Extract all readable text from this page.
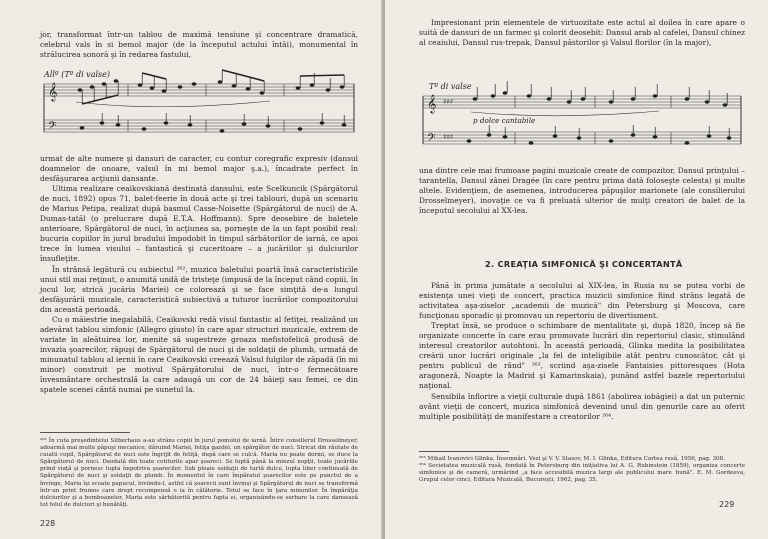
jor, transformat într-un tablou de maximă tensiune şi concentrare dramatică, celebrul vals în si bemol major (de la începutul actului întâi), monumental în strălucirea sonoră şi în redarea fastului,

Allº (Tº di valse)
𝄞
𝄢

urmat de alte numere şi dansuri de caracter, cu contur coregrafic expresiv (dansul doamnelor de onoare, valsul în mi bemol major ş.a.), încadrate perfect în desfăşurarea acţiunii dansante.

Ultima realizare ceaikovskiană destinată dansului, este Scelkuncik (Spărgătorul de nuci, 1892) opus 71, balet-feerie în două acte şi trei tablouri, după un scenariu de Marius Petipa, realizat după basmul Casse-Noisette (Spărgătorul de nuci) de A. Dumas-tatăl (o prelucrare după E.T.A. Hoffmann). Spre deosebire de baletele anterioare, Spărgătorul de nuci, în acţiunea sa, porneşte de la un fapt posibil real: bucuria copiilor în jurul bradului împodobit în timpul sărbătorilor de iarnă, ce apoi trece în lumea visului – fantastică şi cuceritoare – a jucăriilor şi dulciurilor însufleţite.

În strânsă legătură cu subiectul ²⁶², muzica baletului poartă însă caracteristicile unui stil mai reţinut, o anumită undă de tristeţe (impusă de la început când copiii, în jocul lor, strică jucăria Mariei) ce colorează şi se face simţită de-a lungul desfăşurării muzicale, caracteristică subiectivă a tuturor lucrărilor compozitorului din această perioadă.

Cu o măiestrie inegalabilă, Ceaikovski redă visul fantastic al fetiţei, realizând un adevărat tablou simfonic (Allegro giusto) în care apar structuri muzicale, extrem de variate în aleătuirea lor, menite să sugestreze groaza mefistofelică produsă de invazia şoarecilor, răpuşi de Spărgătorul de nuci şi de soldaţii de plumb, urmată de minunatul tablou al iernii în care Ceaikovski creează Valsul fulgilor de zăpadă (în mi minor) construit pe motivul Spărgătorului de nuci, într-o fermecătoare învesmântare orchestrală la care adaugă un cor de 24 băieţi sau femei, ce din spatele scenei cântă numai pe sunetul la.

²⁶² În cuta preşedintelui Silberhaus a-au strâns copiii în jurul pomului de iarnă. Între consilierul Drosselmeyer, adoarmă mai multe păpuşi mecanice, dăruind Mariei, fetiţa gazdei, un spărgător de nuci. Stricat din răutate de cuiatii copil, Spărgătorul de nuci este îngrijit de fetiţă, după care se culcă. Maria nu poate dormi, se duce la Spărgătorul de nuci. Deodată din toate cotiturile apar şoareci. Se luptă până la miezul nopţii, toate jucăriile prind viaţă şi pornesc lupta împotriva şoarecilor. Sub ploaie soldaţii de turtă dulce, lupta liber continuată de Spărgătorul de nuci şi soldaţii de plumb. În momentul în care împăratul şoarecilor este pe punctul de a învinge, Maria îşi scoate papucul, loviindu-l, astfel că şoarecii sunt învinşi şi Spărgătorul de nuci se transformă într-un print frumos care drept recompensă o ia în călătorie. Totul se face în ţara minunilor. În împărăţia dulciurilor şi a bomboanelor, Maria este sărbătorită pentru fapta ei, organizându-se serbare la care dansează tot felul de dulciuri şi bunătăţi.

228

Impresionant prin elementele de virtuozitate este actul al doilea în care apare o suită de dansuri de un farmec şi colorit deosebit: Dansul arab al cafelei, Dansul chinez al ceaiului, Dansul rus-trepak, Dansul păstorilor şi Valsul florilor (în la major),

Tº di valse
𝄞
𝄢
♯♯♯
♯♯♯
p dolce cantabile

una dintre cele mai frumoase pagini muzicale create de compozitor, Dansul prinţului – tarantella, Dansul zânei Dragée (în care pentru prima dată foloseşte celesta) şi multe altele. Evidenţiem, de asemenea, introducerea păpuşilor marionete (ale consilierului Drosselmeyer), inovaţie ce va fi preluată ulterior de mulţi creatori de balet de la începutul secolului al XX-lea.

2. CREAŢIA SIMFONICĂ ŞI CONCERTANTĂ

Până în prima jumătate a secolului al XIX-lea, în Rusia nu se putea vorbi de existenţa unei vieţi de concert, practica muzicii simfonice fiind strâns legată de activitatea aşa-ziselor „academii de muzică" din Petersburg şi Moscova, care funcţionau sporadic şi promovau un repertoriu de divertisment.

Treptat însă, se produce o schimbare de mentalitate şi, după 1820, încep să fie organizate concerte în care erau promovate lucrări din repertoriul clasic, stimulând interesul creatorilor autohtoni. În această perioadă, Glinka medita la posibilitatea creării unor lucrări originale „la fel de inteligibile atât pentru cunoscător, cât şi pentru publicul de rând" ²⁶³, scriind aşa-zisele Fantaisies pittoresques (Hota aragonezǎ, Noapte la Madrid şi Kamarinskaia), punând astfel bazele repertoriului naţional.

Sensibila înflorire a vieţii culturale după 1861 (abolirea iobăgiei) a dat un puternic avânt vieţii de concert, muzica simfonică devenind unul din genurile care au oferit multiple posibilităţi de manifestare a creatorilor ²⁶⁴.

²⁶³ Mihail Ivanovici Glinka, Însemnări. Vezi şi V. V. Stasov, M. I. Glinka, Editura Cartea rusă, 1956, pag. 308.

²⁶⁴ Societatea muzicală rusă, fondată în Petersburg din iniţiativa lui A. G. Rubinstein (1859), organiza concerte simfonice şi de cameră, urmărind „a face accesibilă muzica largi ale publicului mare  bună". E. M. Gordeeva, Grupul celor cinci, Editura Muzicală, Bucureşti, 1962, pag. 35.

229
